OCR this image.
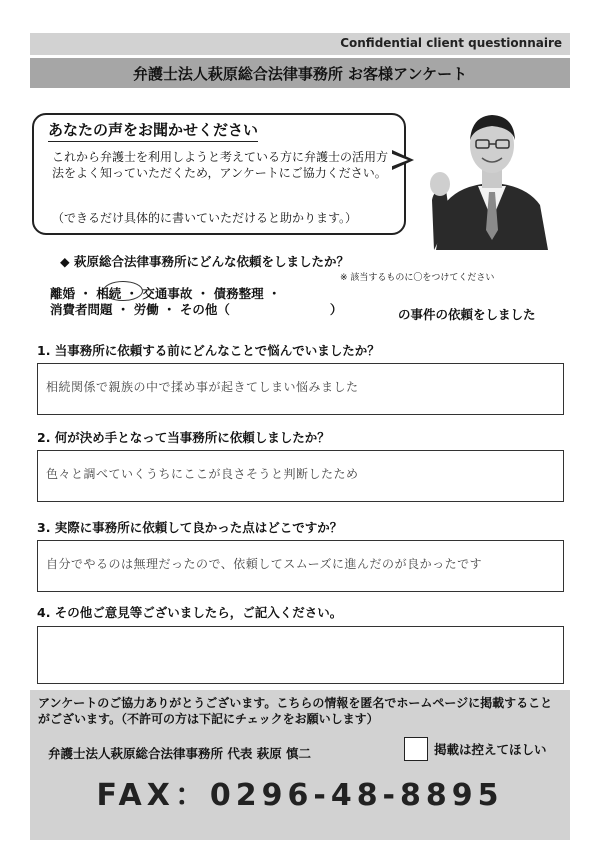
Confidential client questionnaire
弁護士法人萩原総合法律事務所 お客様アンケート
あなたの声をお聞かせください
これから弁護士を利用しようと考えている方に弁護士の活用方法をよく知っていただくため，アンケートにご協力ください。
（できるだけ具体的に書いていただけると助かります。）
◆ 萩原総合法律事務所にどんな依頼をしましたか？
※ 該当するものに〇をつけてください
離婚 ・ 相続 ・ 交通事故 ・ 債務整理 ・
消費者問題 ・ 労働 ・ その他（　　　　　　　　）	の事件の依頼をしました
1. 当事務所に依頼する前にどんなことで悩んでいましたか？
相続関係で親族の中で揉め事が起きてしまい悩みました
2. 何が決め手となって当事務所に依頼しましたか？
色々と調べていくうちにここが良さそうと判断したため
3. 実際に事務所に依頼して良かった点はどこですか？
自分でやるのは無理だったので、依頼してスムーズに進んだのが良かったです
4. その他ご意見等ございましたら，ご記入ください。
アンケートのご協力ありがとうございます。こちらの情報を匿名でホームページに掲載することがございます。（不許可の方は下記にチェックをお願いします）
弁護士法人萩原総合法律事務所 代表 萩原 慎二	掲載は控えてほしい
FAX：0296-48-8895
